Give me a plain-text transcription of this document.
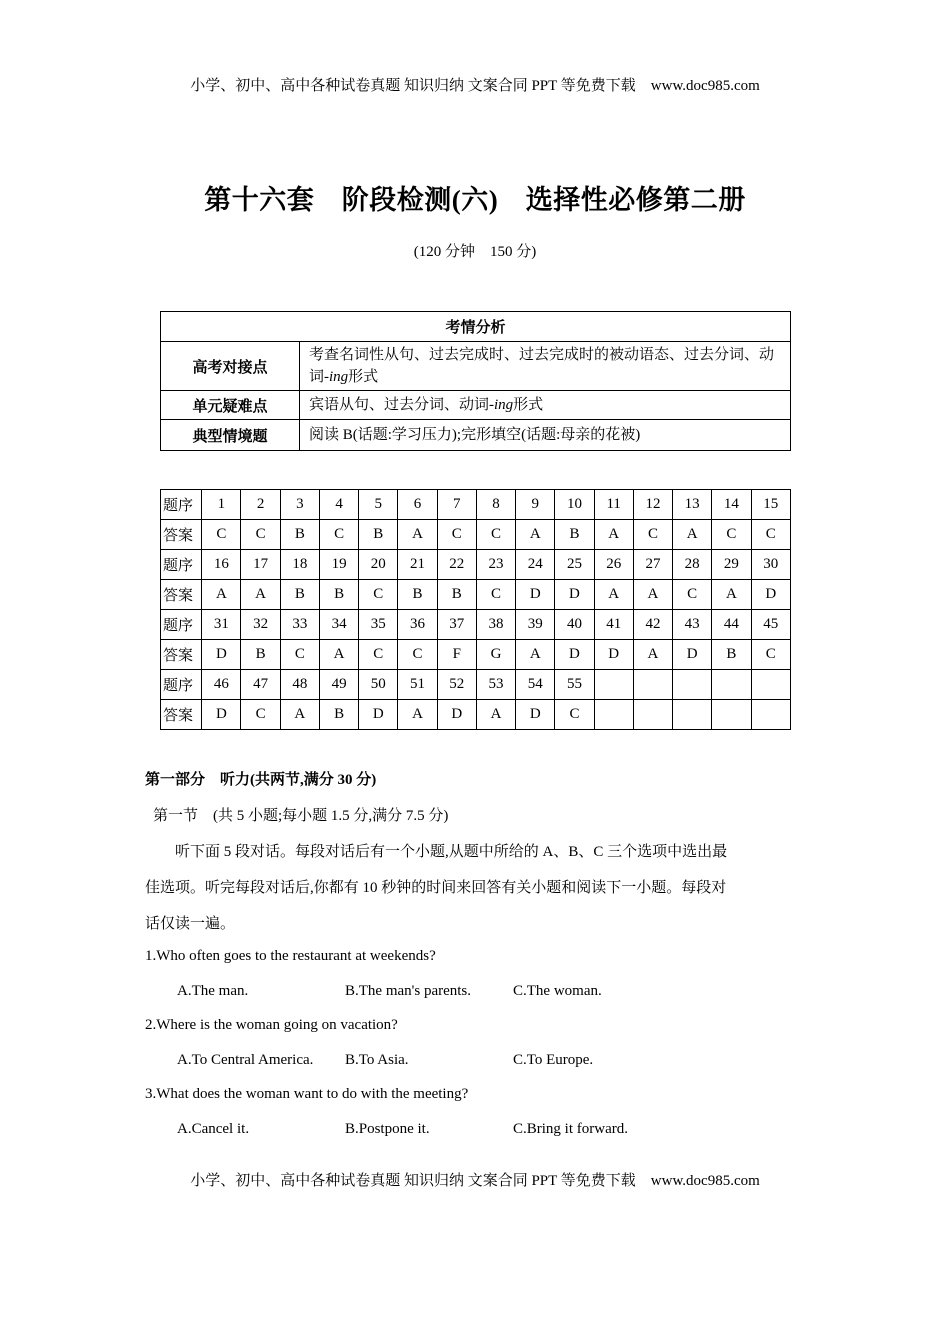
小学、初中、高中各种试卷真题 知识归纳 文案合同 PPT 等免费下载　www.doc985.com
第十六套　阶段检测(六)　选择性必修第二册
(120 分钟　150 分)
考情分析	
高考对接点	考查名词性从句、过去完成时、过去完成时的被动语态、过去分词、动词-ing形式
单元疑难点	宾语从句、过去分词、动词-ing形式
典型情境题	阅读 B(话题:学习压力);完形填空(话题:母亲的花被)
题序	1	2	3	4	5	6	7	8	9	10	11	12	13	14	15
答案	C	C	B	C	B	A	C	C	A	B	A	C	A	C	C
题序	16	17	18	19	20	21	22	23	24	25	26	27	28	29	30
答案	A	A	B	B	C	B	B	C	D	D	A	A	C	A	D
题序	31	32	33	34	35	36	37	38	39	40	41	42	43	44	45
答案	D	B	C	A	C	C	F	G	A	D	D	A	D	B	C
题序	46	47	48	49	50	51	52	53	54	55					
答案	D	C	A	B	D	A	D	A	D	C					
第一部分　听力(共两节,满分 30 分)
第一节　(共 5 小题;每小题 1.5 分,满分 7.5 分)
　　听下面 5 段对话。每段对话后有一个小题,从题中所给的 A、B、C 三个选项中选出最
佳选项。听完每段对话后,你都有 10 秒钟的时间来回答有关小题和阅读下一小题。每段对
话仅读一遍。
1.Who often goes to the restaurant at weekends?
A.The man.	B.The man's parents.	C.The woman.
2.Where is the woman going on vacation?
A.To Central America. B.To Asia.	C.To Europe.
3.What does the woman want to do with the meeting?
A.Cancel it.	B.Postpone it.	C.Bring it forward.
小学、初中、高中各种试卷真题 知识归纳 文案合同 PPT 等免费下载　www.doc985.com
